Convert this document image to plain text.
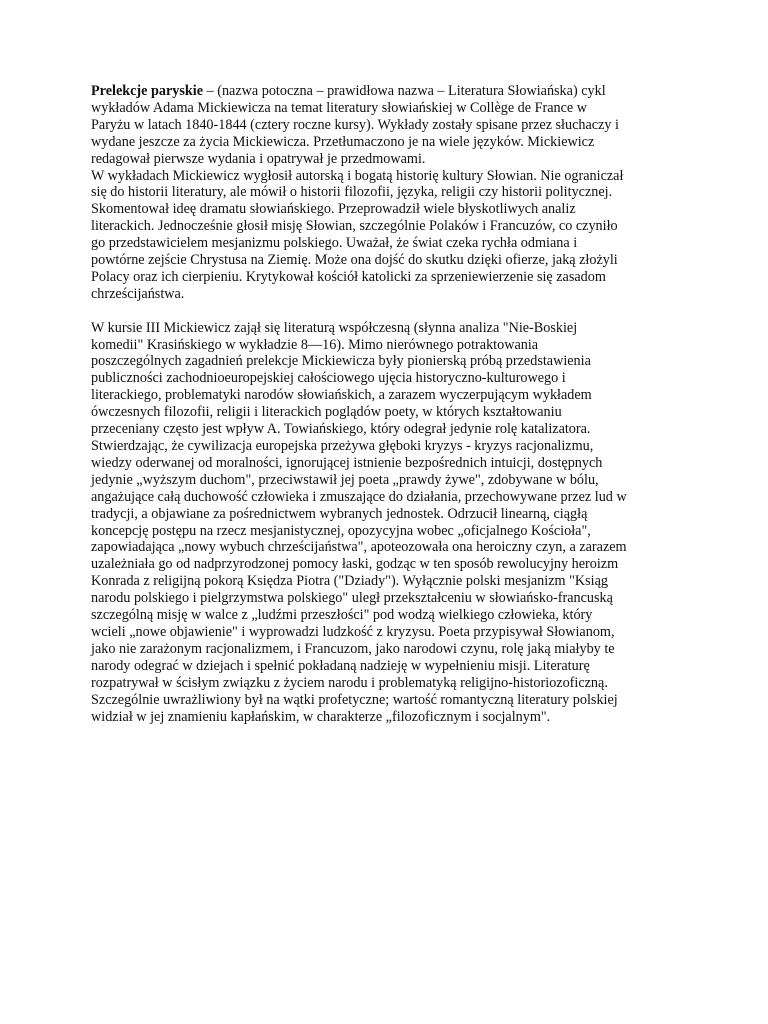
Prelekcje paryskie – (nazwa potoczna – prawidłowa nazwa – Literatura Słowiańska) cykl
wykładów Adama Mickiewicza na temat literatury słowiańskiej w Collège de France w
Paryżu w latach 1840-1844 (cztery roczne kursy). Wykłady zostały spisane przez słuchaczy i
wydane jeszcze za życia Mickiewicza. Przetłumaczono je na wiele języków. Mickiewicz
redagował pierwsze wydania i opatrywał je przedmowami.

W wykładach Mickiewicz wygłosił autorską i bogatą historię kultury Słowian. Nie ograniczał
się do historii literatury, ale mówił o historii filozofii, języka, religii czy historii politycznej.
Skomentował ideę dramatu słowiańskiego. Przeprowadził wiele błyskotliwych analiz
literackich. Jednocześnie głosił misję Słowian, szczególnie Polaków i Francuzów, co czyniło
go przedstawicielem mesjanizmu polskiego. Uważał, że świat czeka rychła odmiana i
powtórne zejście Chrystusa na Ziemię. Może ona dojść do skutku dzięki ofierze, jaką złożyli
Polacy oraz ich cierpieniu. Krytykował kościół katolicki za sprzeniewierzenie się zasadom
chrześcijaństwa.

W kursie III Mickiewicz zajął się literaturą współczesną (słynna analiza "Nie-Boskiej
komedii" Krasińskiego w wykładzie 8—16). Mimo nierównego potraktowania
poszczególnych zagadnień prelekcje Mickiewicza były pionierską próbą przedstawienia
publiczności zachodnioeuropejskiej całościowego ujęcia historyczno-kulturowego i
literackiego, problematyki narodów słowiańskich, a zarazem wyczerpującym wykładem
ówczesnych filozofii, religii i literackich poglądów poety, w których kształtowaniu
przeceniany często jest wpływ A. Towiańskiego, który odegrał jedynie rolę katalizatora.
Stwierdzając, że cywilizacja europejska przeżywa głęboki kryzys - kryzys racjonalizmu,
wiedzy oderwanej od moralności, ignorującej istnienie bezpośrednich intuicji, dostępnych
jedynie „wyższym duchom", przeciwstawił jej poeta „prawdy żywe", zdobywane w bólu,
angażujące całą duchowość człowieka i zmuszające do działania, przechowywane przez lud w
tradycji, a objawiane za pośrednictwem wybranych jednostek. Odrzucił linearną, ciągłą
koncepcję postępu na rzecz mesjanistycznej, opozycyjna wobec „oficjalnego Kościoła",
zapowiadająca „nowy wybuch chrześcijaństwa", apoteozowała ona heroiczny czyn, a zarazem
uzależniała go od nadprzyrodzonej pomocy łaski, godząc w ten sposób rewolucyjny heroizm
Konrada z religijną pokorą Księdza Piotra ("Dziady"). Wyłącznie polski mesjanizm "Ksiąg
narodu polskiego i pielgrzymstwa polskiego" uległ przekształceniu w słowiańsko-francuską
szczególną misję w walce z „ludźmi przeszłości" pod wodzą wielkiego człowieka, który
wcieli „nowe objawienie" i wyprowadzi ludzkość z kryzysu. Poeta przypisywał Słowianom,
jako nie zarażonym racjonalizmem, i Francuzom, jako narodowi czynu, rolę jaką miałyby te
narody odegrać w dziejach i spełnić pokładaną nadzieję w wypełnieniu misji. Literaturę
rozpatrywał w ścisłym związku z życiem narodu i problematyką religijno-historiozoficzną.
Szczególnie uwrażliwiony był na wątki profetyczne; wartość romantyczną literatury polskiej
widział w jej znamieniu kapłańskim, w charakterze „filozoficznym i socjalnym".
